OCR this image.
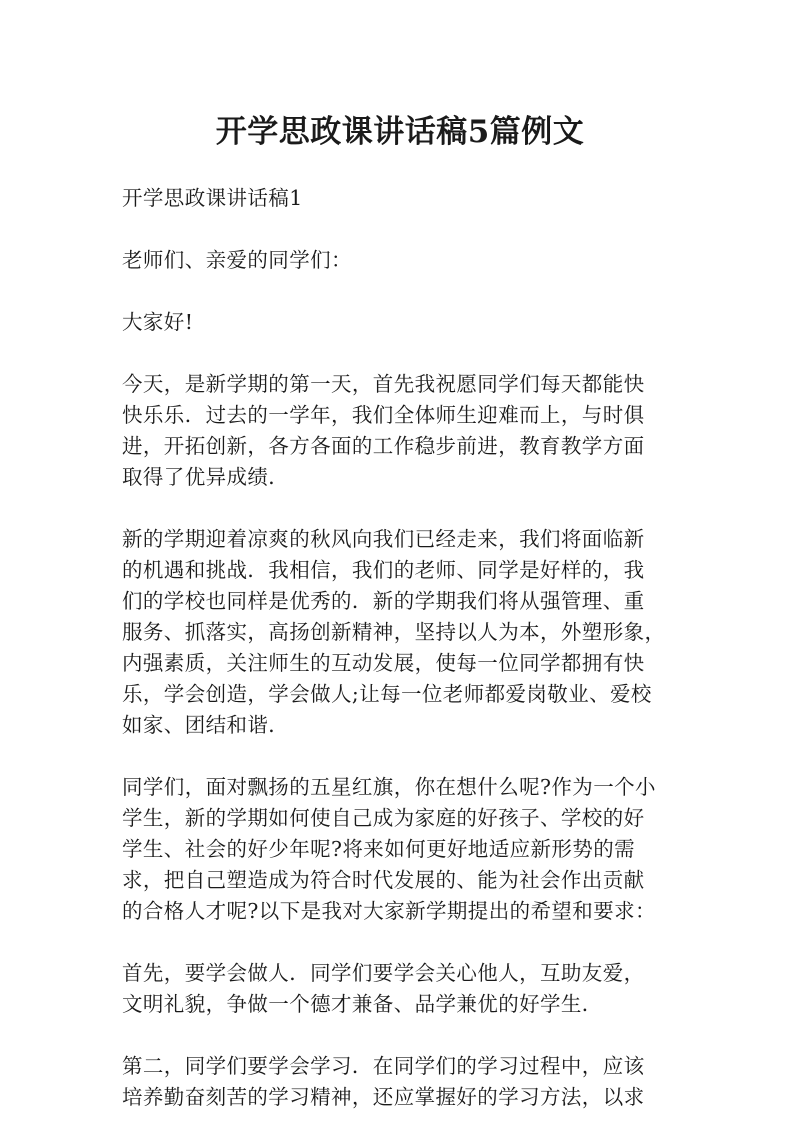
开学思政课讲话稿5篇例文

开学思政课讲话稿1

老师们、亲爱的同学们：

大家好!

今天，是新学期的第一天，首先我祝愿同学们每天都能快
快乐乐．过去的一学年，我们全体师生迎难而上，与时俱
进，开拓创新，各方各面的工作稳步前进，教育教学方面
取得了优异成绩．

新的学期迎着凉爽的秋风向我们已经走来，我们将面临新
的机遇和挑战．我相信，我们的老师、同学是好样的，我
们的学校也同样是优秀的．新的学期我们将从强管理、重
服务、抓落实，高扬创新精神，坚持以人为本，外塑形象，
内强素质，关注师生的互动发展，使每一位同学都拥有快
乐，学会创造，学会做人;让每一位老师都爱岗敬业、爱校
如家、团结和谐．

同学们，面对飘扬的五星红旗，你在想什么呢?作为一个小
学生，新的学期如何使自己成为家庭的好孩子、学校的好
学生、社会的好少年呢?将来如何更好地适应新形势的需
求，把自己塑造成为符合时代发展的、能为社会作出贡献
的合格人才呢?以下是我对大家新学期提出的希望和要求：

首先，要学会做人．同学们要学会关心他人，互助友爱，
文明礼貌，争做一个德才兼备、品学兼优的好学生．

第二，同学们要学会学习．在同学们的学习过程中，应该
培养勤奋刻苦的学习精神，还应掌握好的学习方法，以求
